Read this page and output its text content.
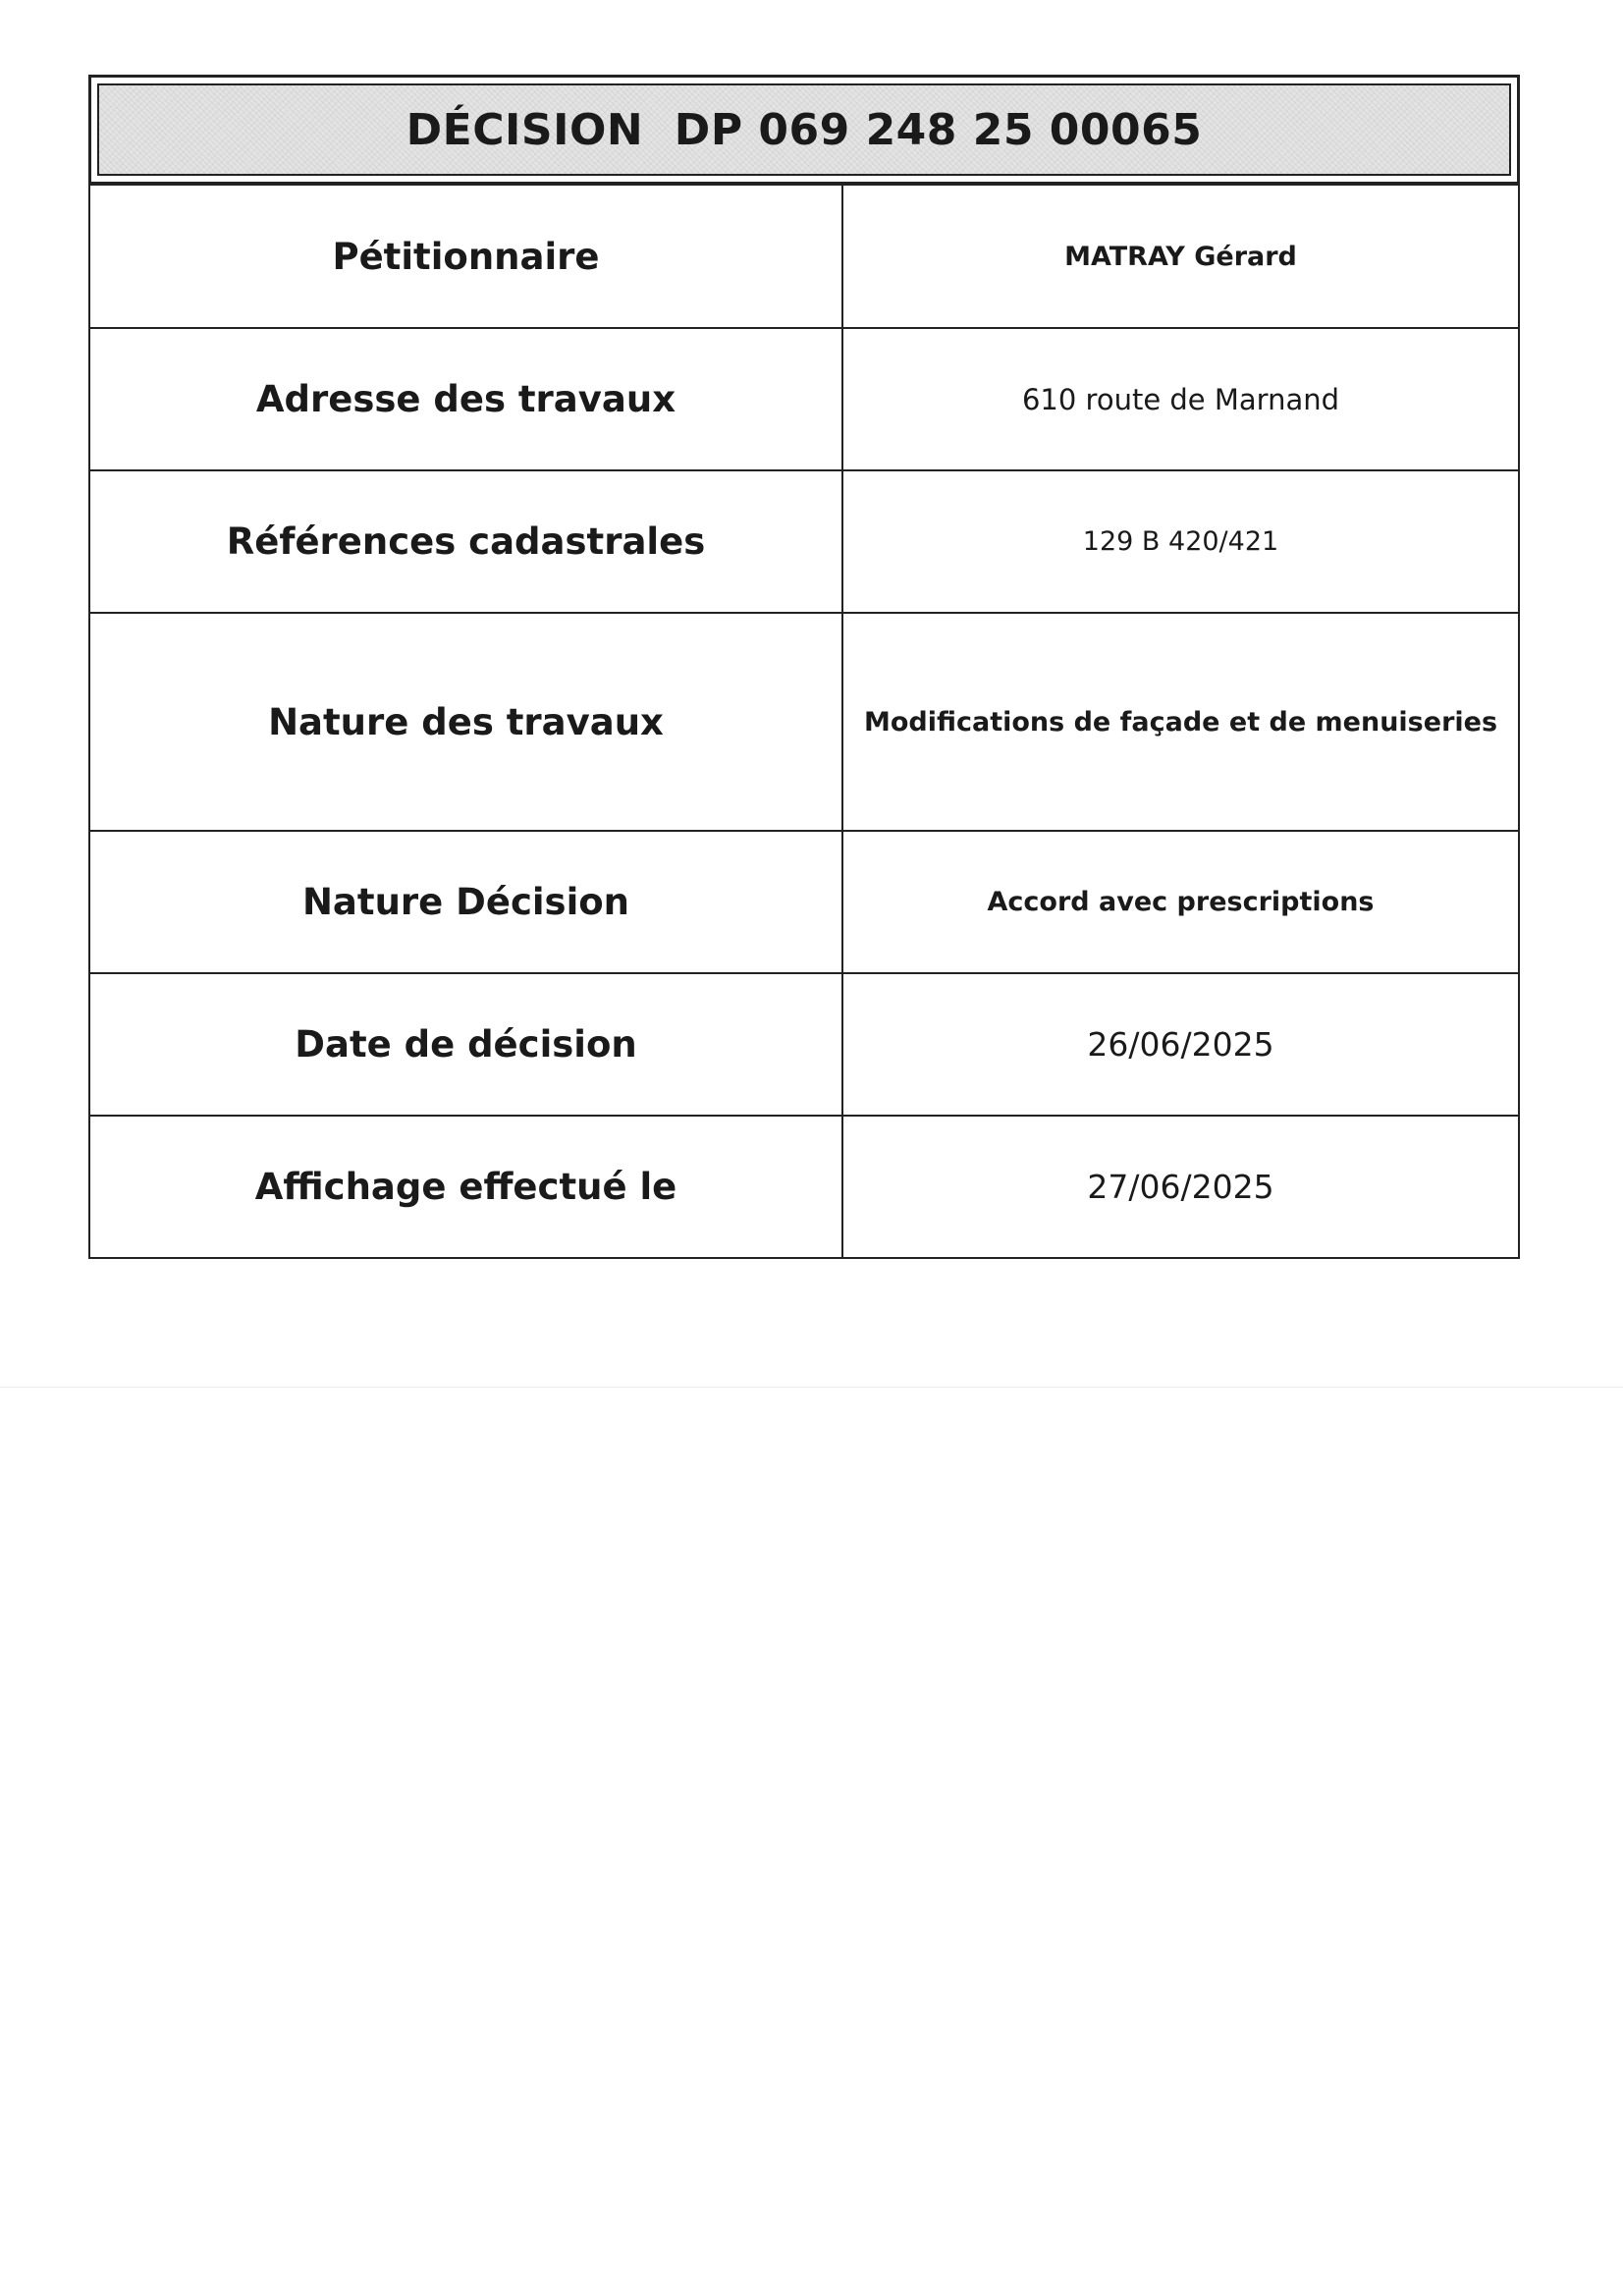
DÉCISION  DP 069 248 25 00065
Pétitionnaire	MATRAY Gérard
Adresse des travaux	610 route de Marnand
Références cadastrales	129 B 420/421
Nature des travaux	Modifications de façade et de menuiseries
Nature Décision	Accord avec prescriptions
Date de décision	26/06/2025
Affichage effectué le	27/06/2025
